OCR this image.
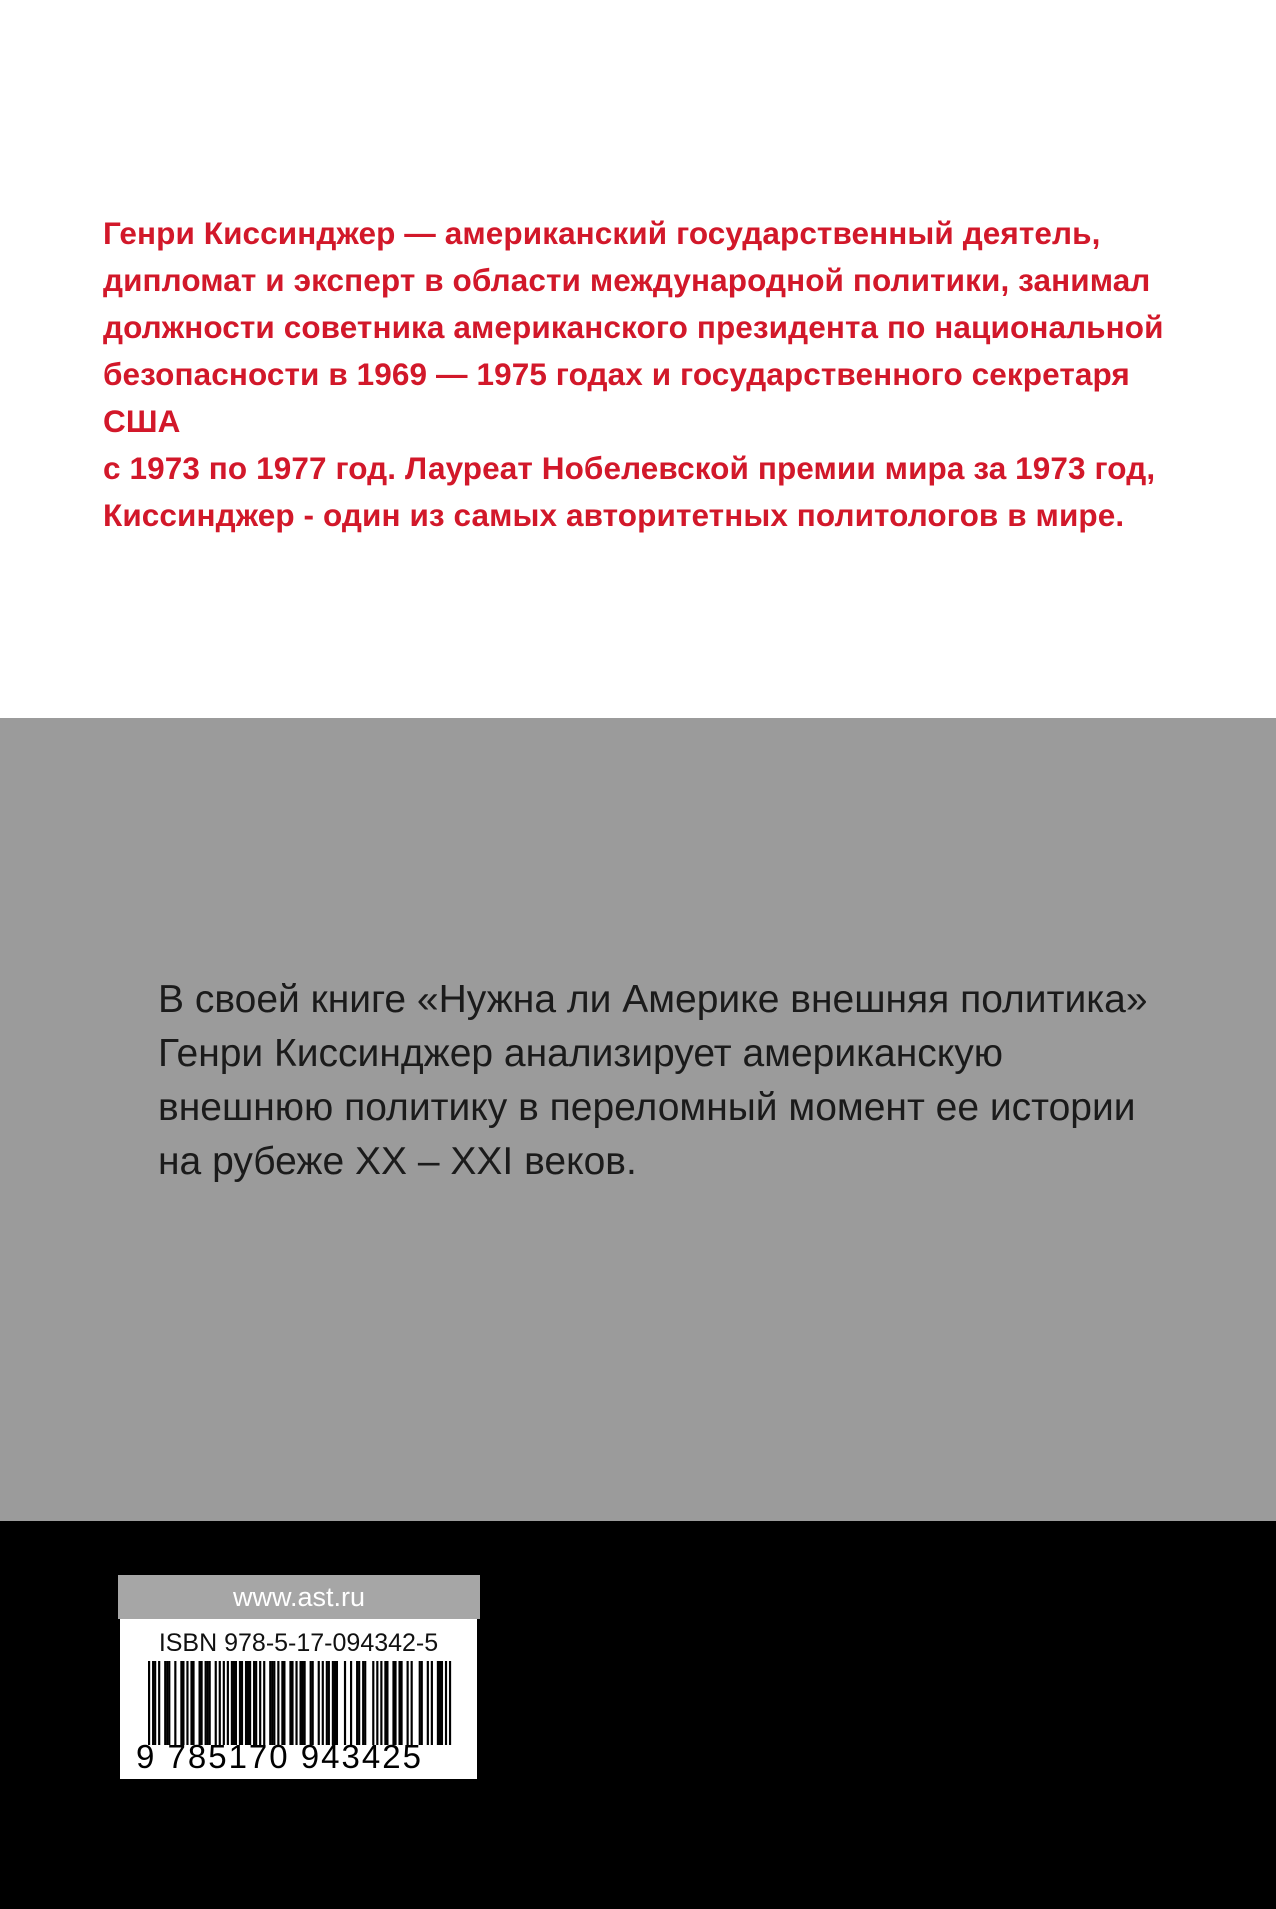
Генри Киссинджер — американский государственный деятель,
дипломат и эксперт в области международной политики, занимал
должности советника американского президента по национальной
безопасности в 1969 — 1975 годах и государственного секретаря США
с 1973 по 1977 год. Лауреат Нобелевской премии мира за 1973 год,
Киссинджер - один из самых авторитетных политологов в мире.

В своей книге «Нужна ли Америке внешняя политика»
Генри Киссинджер анализирует американскую
внешнюю политику в переломный момент ее истории
на рубеже XX – XXI веков.

www.ast.ru
ISBN 978-5-17-094342-5
9 785170 943425
